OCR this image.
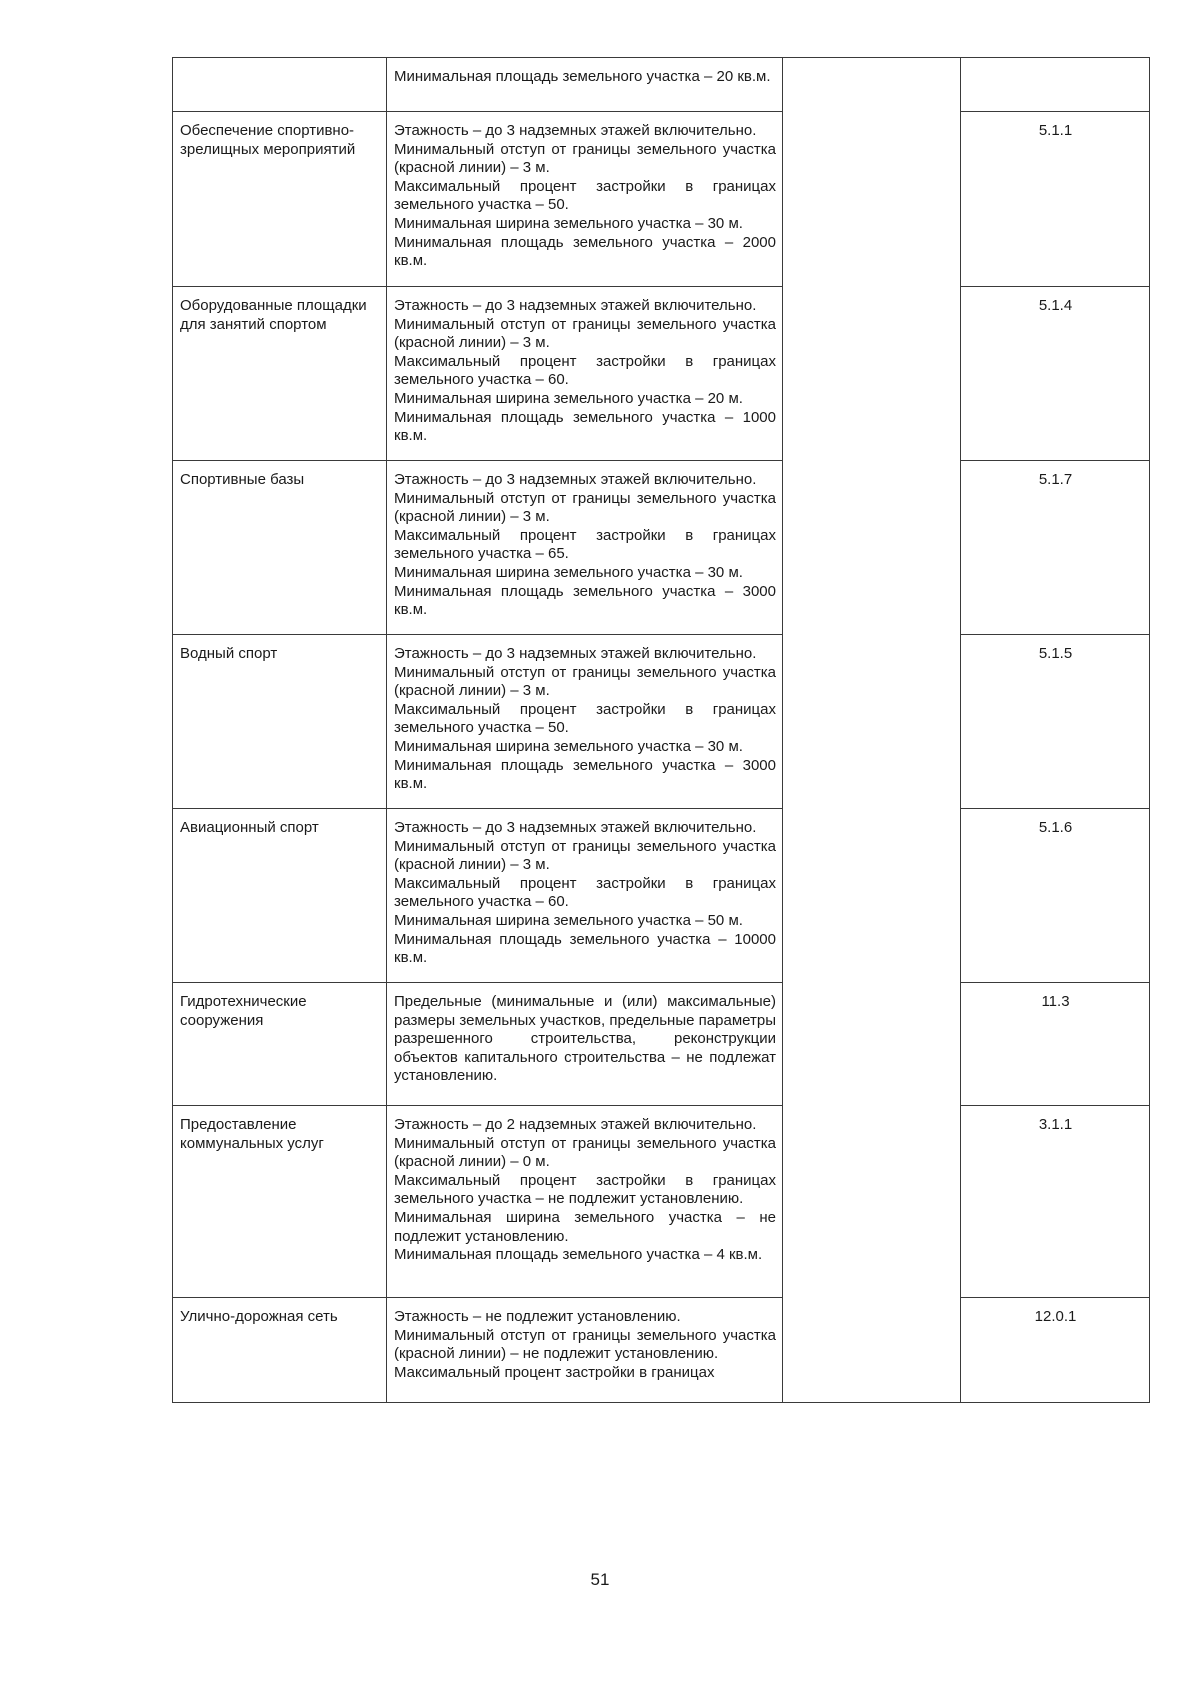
	Минимальная площадь земельного участка – 20 кв.м.		

Обеспечение спортивно-зрелищных мероприятий	Этажность – до 3 надземных этажей включительно.

Минимальный отступ от границы земельного участка (красной линии) – 3 м.

Максимальный процент застройки в границах земельного участка – 50.

Минимальная ширина земельного участка – 30 м.

Минимальная площадь земельного участка – 2000 кв.м.		5.1.1
Оборудованные площадки для занятий спортом	Этажность – до 3 надземных этажей включительно.

Минимальный отступ от границы земельного участка (красной линии) – 3 м.

Максимальный процент застройки в границах земельного участка – 60.

Минимальная ширина земельного участка – 20 м.

Минимальная площадь земельного участка – 1000 кв.м.		5.1.4
Спортивные базы	Этажность – до 3 надземных этажей включительно.

Минимальный отступ от границы земельного участка (красной линии) – 3 м.

Максимальный процент застройки в границах земельного участка – 65.

Минимальная ширина земельного участка – 30 м.

Минимальная площадь земельного участка – 3000 кв.м.		5.1.7
Водный спорт	Этажность – до 3 надземных этажей включительно.

Минимальный отступ от границы земельного участка (красной линии) – 3 м.

Максимальный процент застройки в границах земельного участка – 50.

Минимальная ширина земельного участка – 30 м.

Минимальная площадь земельного участка – 3000 кв.м.		5.1.5
Авиационный спорт	Этажность – до 3 надземных этажей включительно.

Минимальный отступ от границы земельного участка (красной линии) – 3 м.

Максимальный процент застройки в границах земельного участка – 60.

Минимальная ширина земельного участка – 50 м.

Минимальная площадь земельного участка – 10000 кв.м.		5.1.6
Гидротехнические сооружения	Предельные (минимальные и (или) максимальные) размеры земельных участков, предельные параметры разрешенного строительства, реконструкции объектов капитального строительства – не подлежат установлению.		11.3
Предоставление коммунальных услуг	Этажность – до 2 надземных этажей включительно.

Минимальный отступ от границы земельного участка (красной линии) – 0 м.

Максимальный процент застройки в границах земельного участка – не подлежит установлению.

Минимальная ширина земельного участка – не подлежит установлению.

Минимальная площадь земельного участка – 4 кв.м.		3.1.1
Улично-дорожная сеть	Этажность – не подлежит установлению.

Минимальный отступ от границы земельного участка (красной линии) – не подлежит установлению.

Максимальный процент застройки в границах		12.0.1
51
